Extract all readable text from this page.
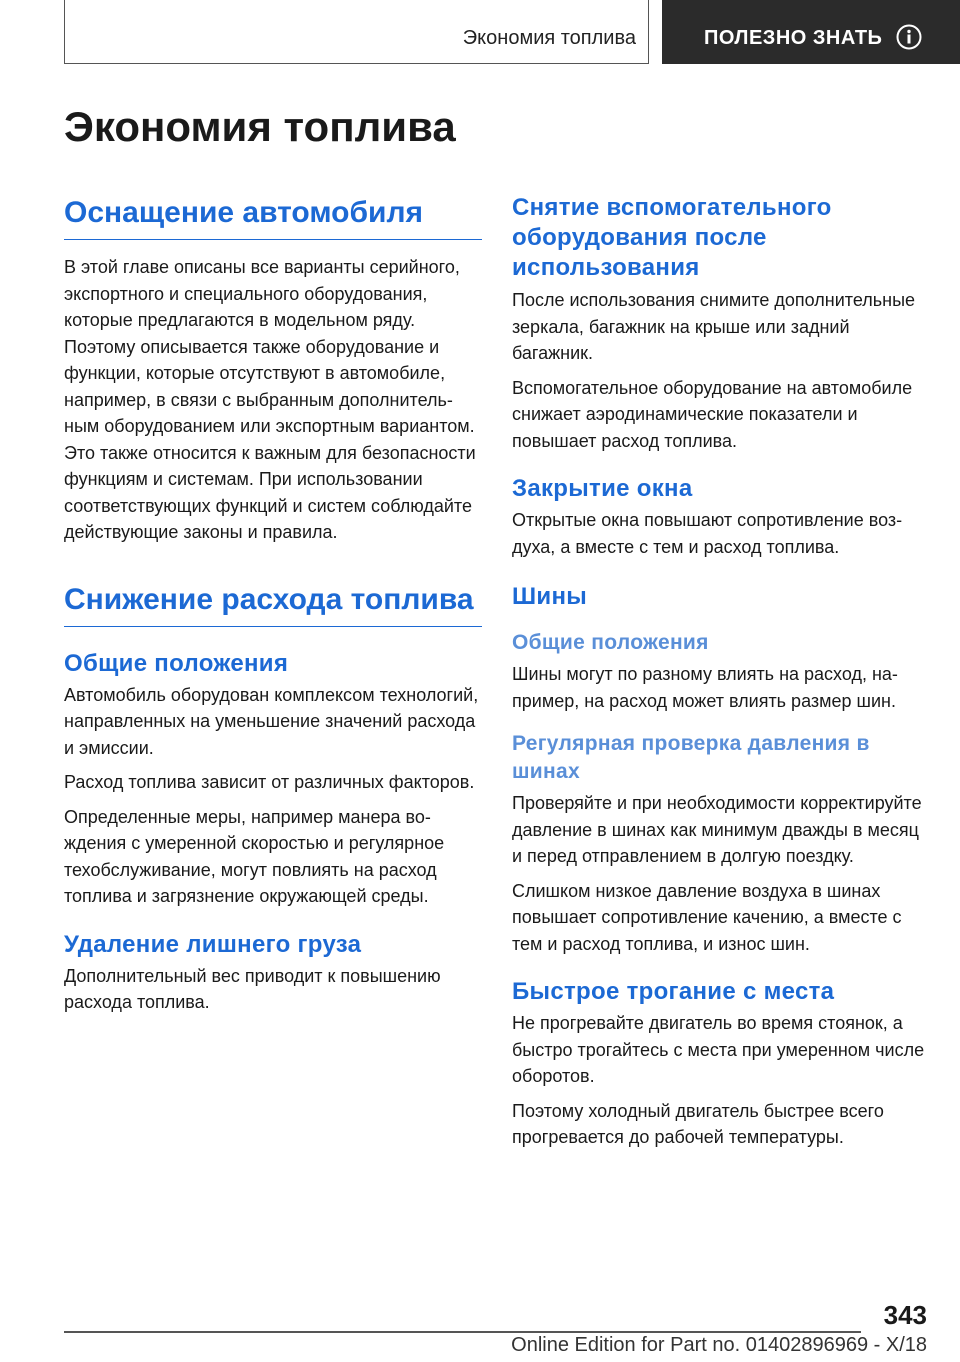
Экономия топлива	ПОЛЕЗНО ЗНАТЬ
Экономия топлива
Оснащение автомобиля

В этой главе описаны все варианты серийного, экспортного и специального оборудования, которые предлагаются в модельном ряду. Поэтому описывается также оборудование и функции, которые отсутствуют в автомобиле, например, в связи с выбранным дополнительным оборудованием или экспортным вариантом. Это также относится к важным для безопасности функциям и системам. При использовании соответствующих функций и систем соблюдайте действующие законы и правила.

Снижение расхода топлива
Общие положения

Автомобиль оборудован комплексом технологий, направленных на уменьшение значений расхода и эмиссии.

Расход топлива зависит от различных факторов.

Определенные меры, например манера вождения с умеренной скоростью и регулярное техобслуживание, могут повлиять на расход топлива и загрязнение окружающей среды.

Удаление лишнего груза

Дополнительный вес приводит к повышению расхода топлива.

Снятие вспомогательного оборудования после использования

После использования снимите дополнительные зеркала, багажник на крыше или задний багажник.

Вспомогательное оборудование на автомобиле снижает аэродинамические показатели и повышает расход топлива.

Закрытие окна

Открытые окна повышают сопротивление воздуха, а вместе с тем и расход топлива.

Шины
Общие положения

Шины могут по разному влиять на расход, например, на расход может влиять размер шин.

Регулярная проверка давления в шинах

Проверяйте и при необходимости корректируйте давление в шинах как минимум дважды в месяц и перед отправлением в долгую поездку.

Слишком низкое давление воздуха в шинах повышает сопротивление качению, а вместе с тем и расход топлива, и износ шин.

Быстрое трогание с места

Не прогревайте двигатель во время стоянок, а быстро трогайтесь с места при умеренном числе оборотов.

Поэтому холодный двигатель быстрее всего прогревается до рабочей температуры.

343
Online Edition for Part no. 01402896969 - X/18
